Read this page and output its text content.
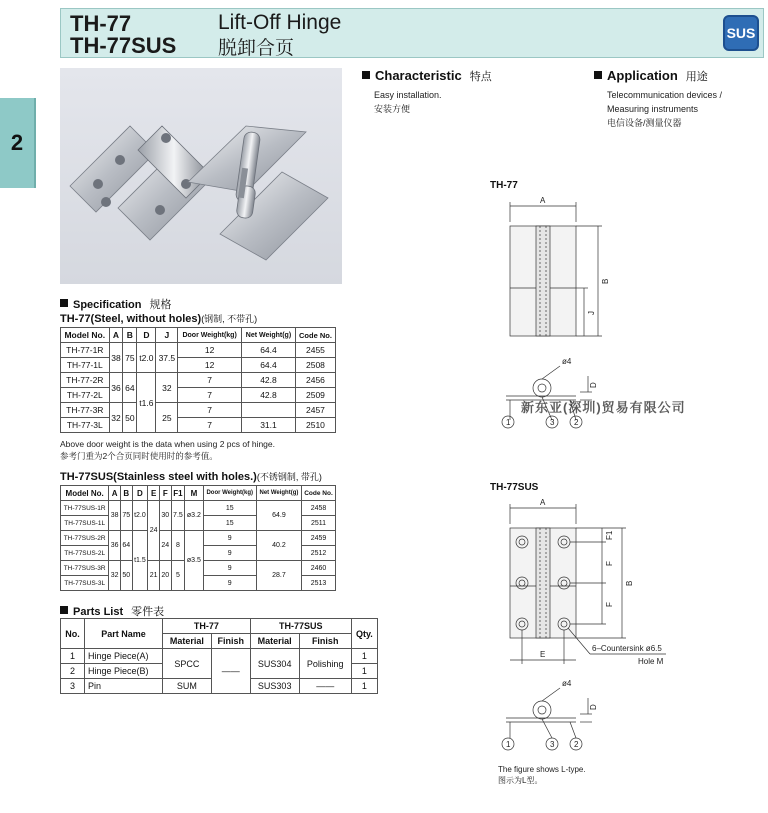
TH-77
TH-77SUS
Lift-Off Hinge
脱卸合页
SUS
2
Characteristic 特点
Easy installation.
安装方便
Application 用途
Telecommunication devices /
Measuring instruments
电信设备/测量仪器
Specification 规格
TH-77(Steel, without holes)(钢制, 不带孔)
Model No.	A	B	D	J	Door Weight(kg)	Net Weight(g)	Code No.
TH-77-1R	38	75	t2.0	37.5	12	64.4	2455
TH-77-1L					12	64.4	2508
TH-77-2R	36	64	t1.6	32	7	42.8	2456
TH-77-2L					7	42.8	2509
TH-77-3R	32	50		25	7		2457
TH-77-3L					7	31.1	2510
Above door weight is the data when using 2 pcs of hinge.
参考门重为2个合页同时使用时的参考值。
TH-77SUS(Stainless steel with holes.)(不锈钢制, 带孔)
Model No.	A	B	D	E	F	F1	M	Door Weight(kg)	Net Weight(g)	Code No.
TH-77SUS-1R	38	75	t2.0	24	30	7.5	ø3.2	15	64.9	2458
TH-77SUS-1L								15		2511
TH-77SUS-2R	36	64	t1.5		24	8	ø3.5	9	40.2	2459
TH-77SUS-2L								9		2512
TH-77SUS-3R	32	50		21	20	5		9	28.7	2460
TH-77SUS-3L								9		2513
Parts List 零件表
No.	Part Name	TH-77		TH-77SUS		Qty.
		Material	Finish	Material	Finish	
1	Hinge Piece(A)	SPCC	——	SUS304	Polishing	1
2	Hinge Piece(B)					1
3	Pin	SUM		SUS303	——	1
TH-77
A
B
J
ø4
D
1	3 2
新东亚(深圳)贸易有限公司
TH-77SUS
A
B
F1
F
F
E
6–Countersink ø6.5
Hole M
ø4
D
1	3 2
The figure shows L-type.
图示为L型。
